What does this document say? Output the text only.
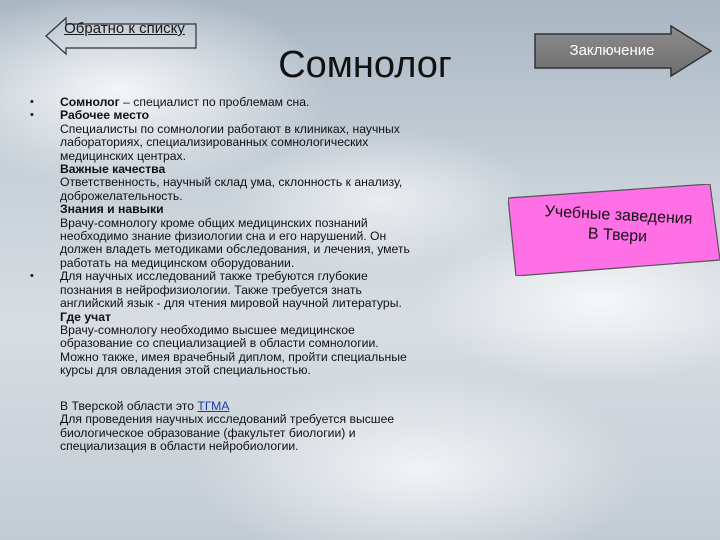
Обратно к списку
Сомнолог	Заключение
Учебные заведения
В Твери
•	Сомнолог – специалист по проблемам сна.
•	Рабочее место
Специалисты по сомнологии работают в клиниках, научных
лабораториях, специализированных сомнологических
медицинских центрах.
Важные качества
Ответственность, научный склад ума, склонность к анализу,
доброжелательность.
Знания и навыки
Врачу-сомнологу кроме общих медицинских познаний
необходимо знание физиологии сна и его нарушений. Он
должен владеть методиками обследования, и лечения, уметь
работать на медицинском оборудовании.
•	Для научных исследований также требуются глубокие
познания в нейрофизиологии. Также требуется знать
английский язык - для чтения мировой научной литературы.
Где учат
Врачу-сомнологу необходимо высшее медицинское
образование со специализацией в области сомнологии.
Можно также, имея врачебный диплом, пройти специальные
курсы для овладения этой специальностью.
В Тверской области это ТГМА
Для проведения научных исследований требуется высшее
биологическое образование (факультет биологии) и
специализация в области нейробиологии.
